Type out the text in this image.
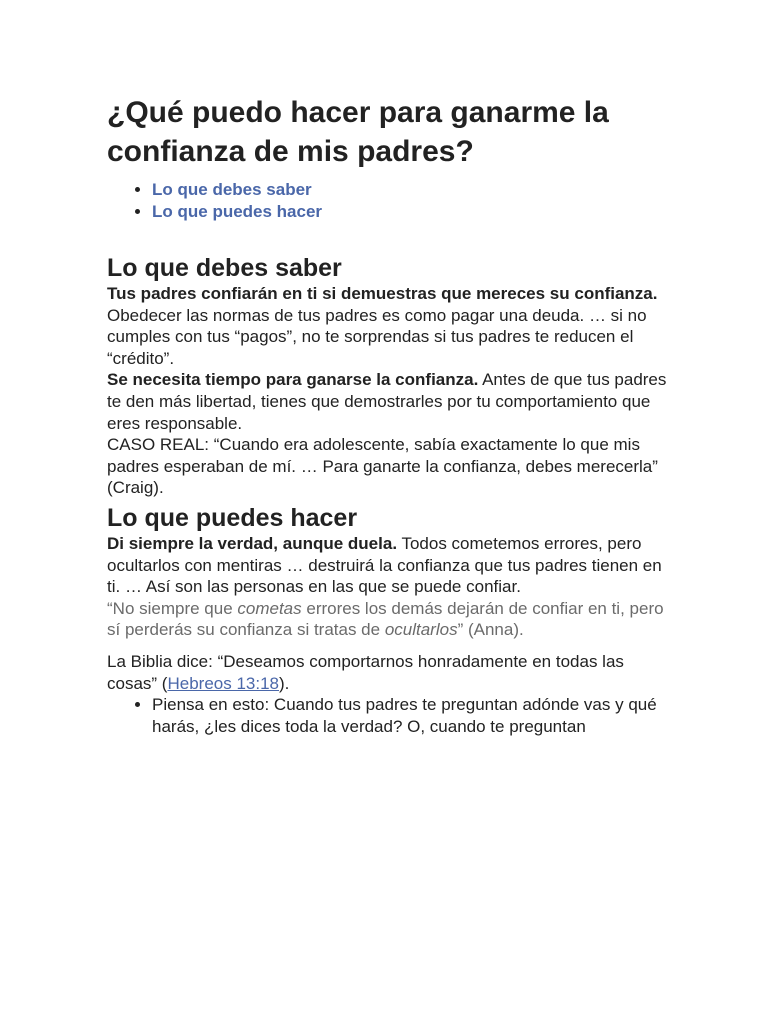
¿Qué puedo hacer para ganarme la confianza de mis padres?
• Lo que debes saber
• Lo que puedes hacer
Lo que debes saber

Tus padres confiarán en ti si demuestras que mereces su confianza. Obedecer las normas de tus padres es como pagar una deuda. … si no cumples con tus “pagos”, no te sorprendas si tus padres te reducen el “crédito”.

Se necesita tiempo para ganarse la confianza. Antes de que tus padres te den más libertad, tienes que demostrarles por tu comportamiento que eres responsable.

CASO REAL: “Cuando era adolescente, sabía exactamente lo que mis padres esperaban de mí. … Para ganarte la confianza, debes merecerla” (Craig).

Lo que puedes hacer

Di siempre la verdad, aunque duela. Todos cometemos errores, pero ocultarlos con mentiras … destruirá la confianza que tus padres tienen en ti. … Así son las personas en las que se puede confiar.

“No siempre que cometas errores los demás dejarán de confiar en ti, pero sí perderás su confianza si tratas de ocultarlos” (Anna).

La Biblia dice: “Deseamos comportarnos honradamente en todas las cosas” (Hebreos 13:18).

• Piensa en esto: Cuando tus padres te preguntan adónde vas y qué harás, ¿les dices toda la verdad? O, cuando te preguntan
